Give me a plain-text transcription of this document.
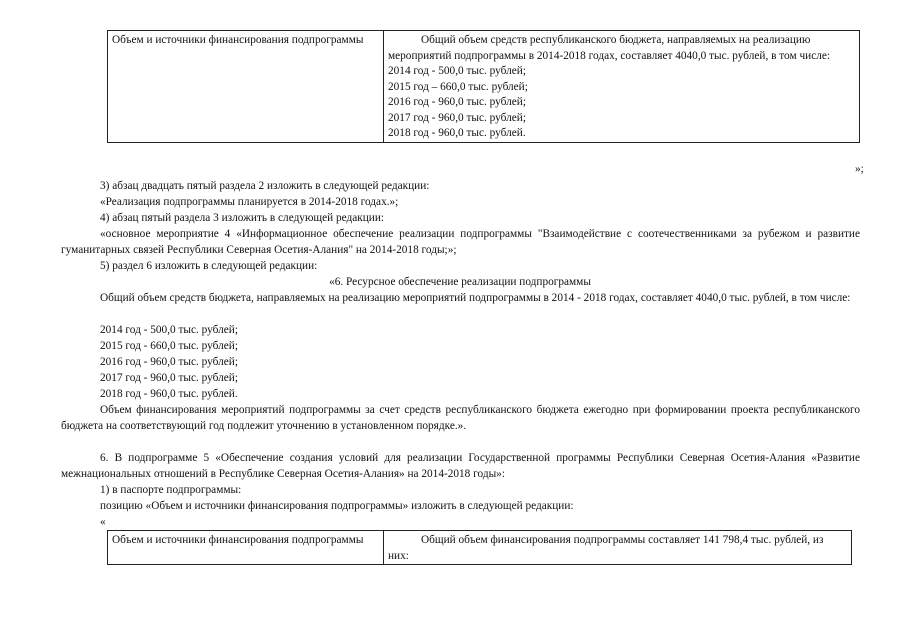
Объем и источники финансирования подпрограммы	Общий объем средств республиканского бюджета, направляемых на реализацию мероприятий подпрограммы в 2014-2018 годах, составляет 4040,0 тыс. рублей, в том числе:
2014 год - 500,0 тыс. рублей;
2015 год – 660,0 тыс. рублей;
2016 год - 960,0 тыс. рублей;
2017 год - 960,0 тыс. рублей;
2018 год - 960,0 тыс. рублей.
»;
3) абзац двадцать пятый раздела 2 изложить в следующей редакции:
«Реализация подпрограммы планируется в 2014-2018 годах.»;
4) абзац пятый раздела 3 изложить в следующей редакции:
«основное мероприятие 4 «Информационное обеспечение реализации подпрограммы "Взаимодействие с соотечественниками за рубежом и развитие гуманитарных связей Республики Северная Осетия-Алания" на 2014-2018 годы;»;
5) раздел 6 изложить в следующей редакции:
«6. Ресурсное обеспечение реализации подпрограммы
Общий объем средств бюджета, направляемых на реализацию мероприятий подпрограммы в 2014 - 2018 годах, составляет 4040,0 тыс. рублей, в том числе:
2014 год - 500,0 тыс. рублей;
2015 год - 660,0 тыс. рублей;
2016 год - 960,0 тыс. рублей;
2017 год - 960,0 тыс. рублей;
2018 год - 960,0 тыс. рублей.
Объем финансирования мероприятий подпрограммы за счет средств республиканского бюджета ежегодно при формировании проекта республиканского бюджета на соответствующий год подлежит уточнению в установленном порядке.».
6. В подпрограмме 5 «Обеспечение создания условий для реализации Государственной программы Республики Северная Осетия-Алания «Развитие межнациональных отношений в Республике Северная Осетия-Алания» на 2014-2018 годы»:
1) в паспорте подпрограммы:
позицию «Объем и источники финансирования подпрограммы» изложить в следующей редакции:
«
Объем и источники финансирования подпрограммы	Общий объем финансирования подпрограммы составляет 141 798,4 тыс. рублей, из них:
